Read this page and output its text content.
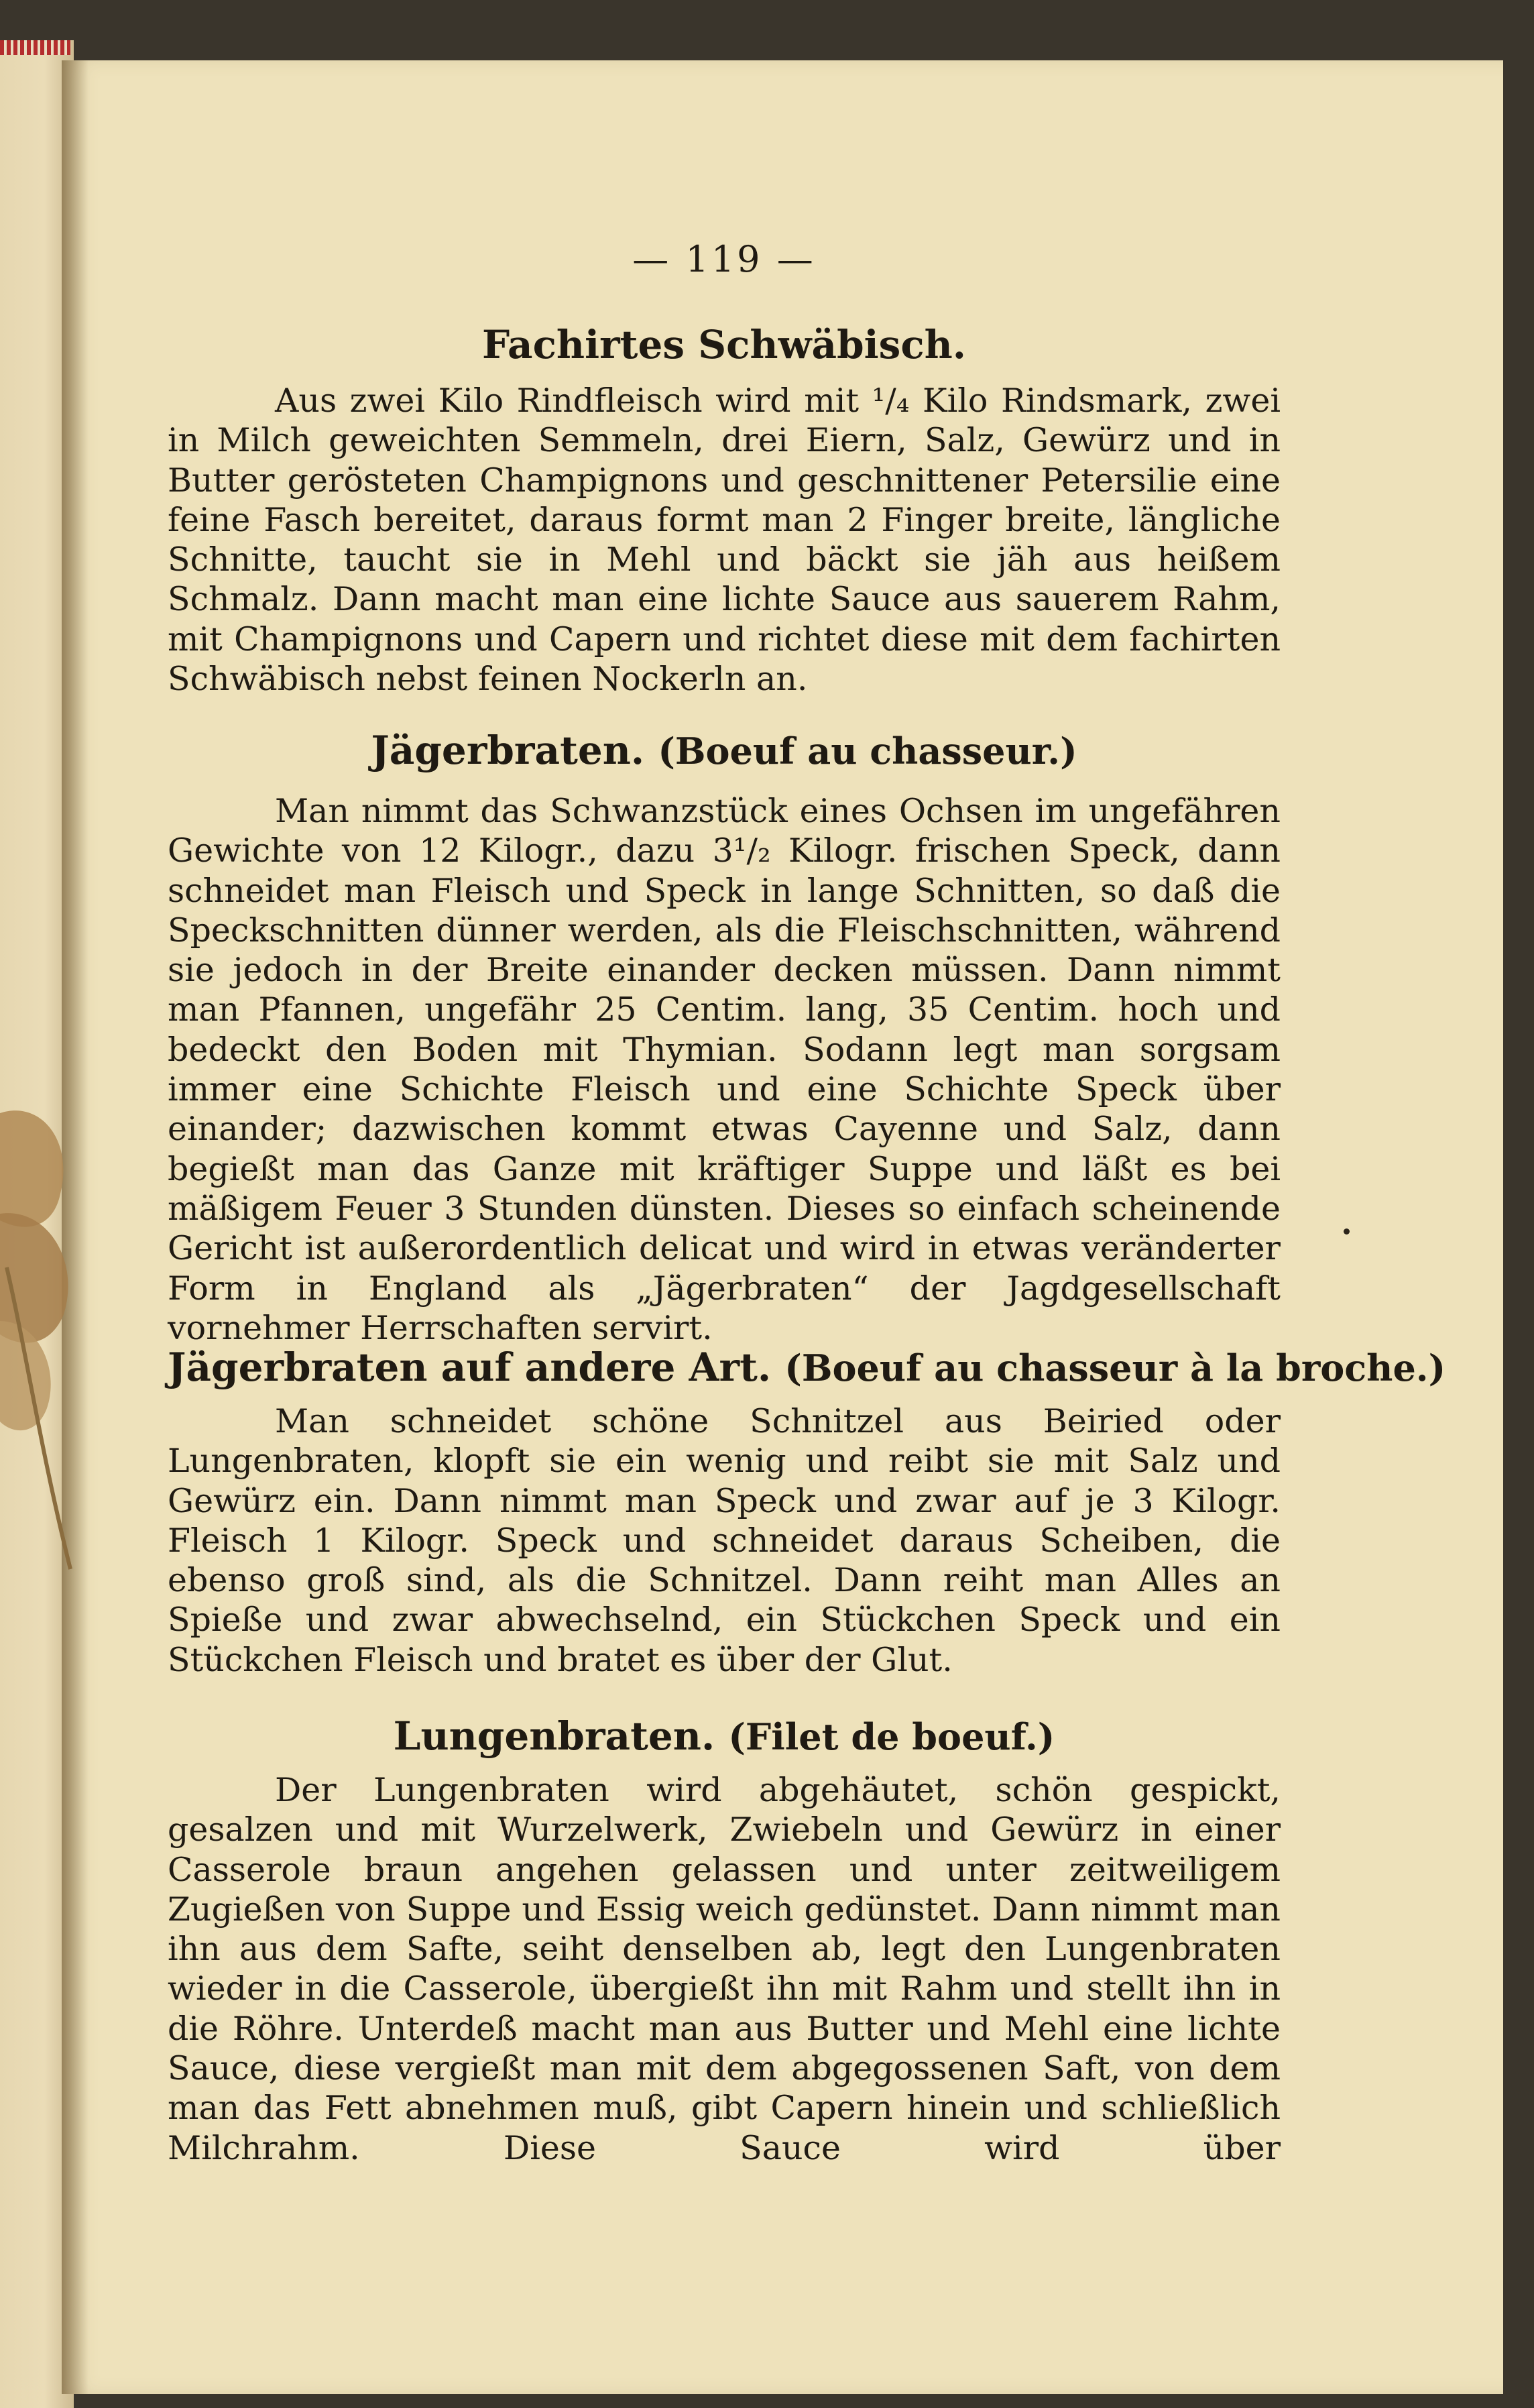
— 119 —
Fachirtes Schwäbisch.

Aus zwei Kilo Rindfleisch wird mit ¹/₄ Kilo Rindsmark, zwei in Milch geweichten Semmeln, drei Eiern, Salz, Gewürz und in Butter gerösteten Champignons und geschnittener Petersilie eine feine Fasch bereitet, daraus formt man 2 Finger breite, längliche Schnitte, taucht sie in Mehl und bäckt sie jäh aus heißem Schmalz. Dann macht man eine lichte Sauce aus sauerem Rahm, mit Champignons und Capern und richtet diese mit dem fachirten Schwäbisch nebst feinen Nockerln an.

Jägerbraten. (Boeuf au chasseur.)

Man nimmt das Schwanzstück eines Ochsen im ungefähren Gewichte von 12 Kilogr., dazu 3¹/₂ Kilogr. frischen Speck, dann schneidet man Fleisch und Speck in lange Schnitten, so daß die Speckschnitten dünner werden, als die Fleischschnitten, während sie jedoch in der Breite einander decken müssen. Dann nimmt man Pfannen, ungefähr 25 Centim. lang, 35 Centim. hoch und bedeckt den Boden mit Thymian. Sodann legt man sorgsam immer eine Schichte Fleisch und eine Schichte Speck über einander; dazwischen kommt etwas Cayenne und Salz, dann begießt man das Ganze mit kräftiger Suppe und läßt es bei mäßigem Feuer 3 Stunden dünsten. Dieses so einfach scheinende Gericht ist außerordentlich delicat und wird in etwas veränderter Form in England als „Jägerbraten“ der Jagdgesellschaft vornehmer Herrschaften servirt.

Jägerbraten auf andere Art. (Boeuf au chasseur à la broche.)

Man schneidet schöne Schnitzel aus Beiried oder Lungenbraten, klopft sie ein wenig und reibt sie mit Salz und Gewürz ein. Dann nimmt man Speck und zwar auf je 3 Kilogr. Fleisch 1 Kilogr. Speck und schneidet daraus Scheiben, die ebenso groß sind, als die Schnitzel. Dann reiht man Alles an Spieße und zwar abwechselnd, ein Stückchen Speck und ein Stückchen Fleisch und bratet es über der Glut.

Lungenbraten. (Filet de boeuf.)

Der Lungenbraten wird abgehäutet, schön gespickt, gesalzen und mit Wurzelwerk, Zwiebeln und Gewürz in einer Casserole braun angehen gelassen und unter zeitweiligem Zugießen von Suppe und Essig weich gedünstet. Dann nimmt man ihn aus dem Safte, seiht denselben ab, legt den Lungenbraten wieder in die Casserole, übergießt ihn mit Rahm und stellt ihn in die Röhre. Unterdeß macht man aus Butter und Mehl eine lichte Sauce, diese vergießt man mit dem abgegossenen Saft, von dem man das Fett abnehmen muß, gibt Capern hinein und schließlich Milchrahm. Diese Sauce wird über
